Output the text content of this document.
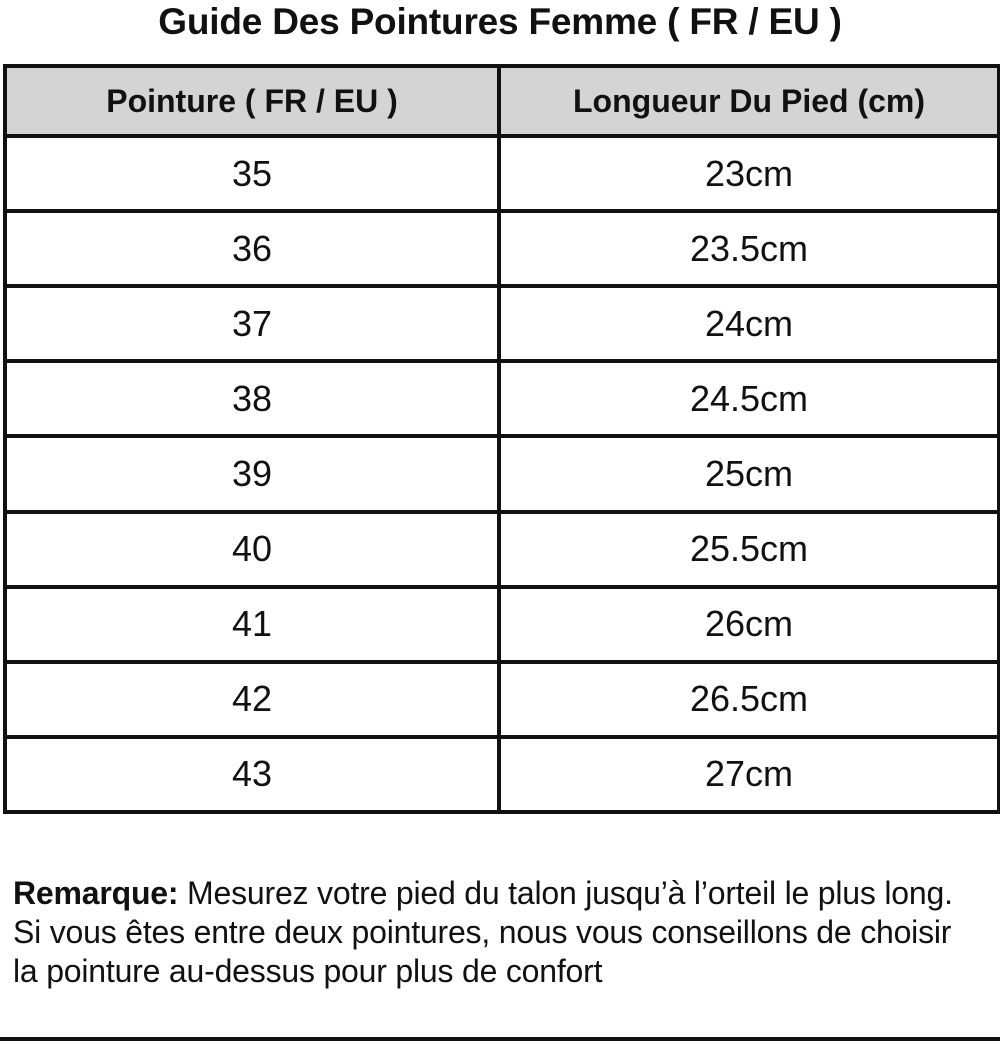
Guide Des Pointures Femme ( FR / EU )
Pointure ( FR / EU )	Longueur Du Pied (cm)
35	23cm
36	23.5cm
37	24cm
38	24.5cm
39	25cm
40	25.5cm
41	26cm
42	26.5cm
43	27cm

Remarque: Mesurez votre pied du talon jusqu’à l’orteil le plus long. Si vous êtes entre deux pointures, nous vous conseillons de choisir la pointure au-dessus pour plus de confort
